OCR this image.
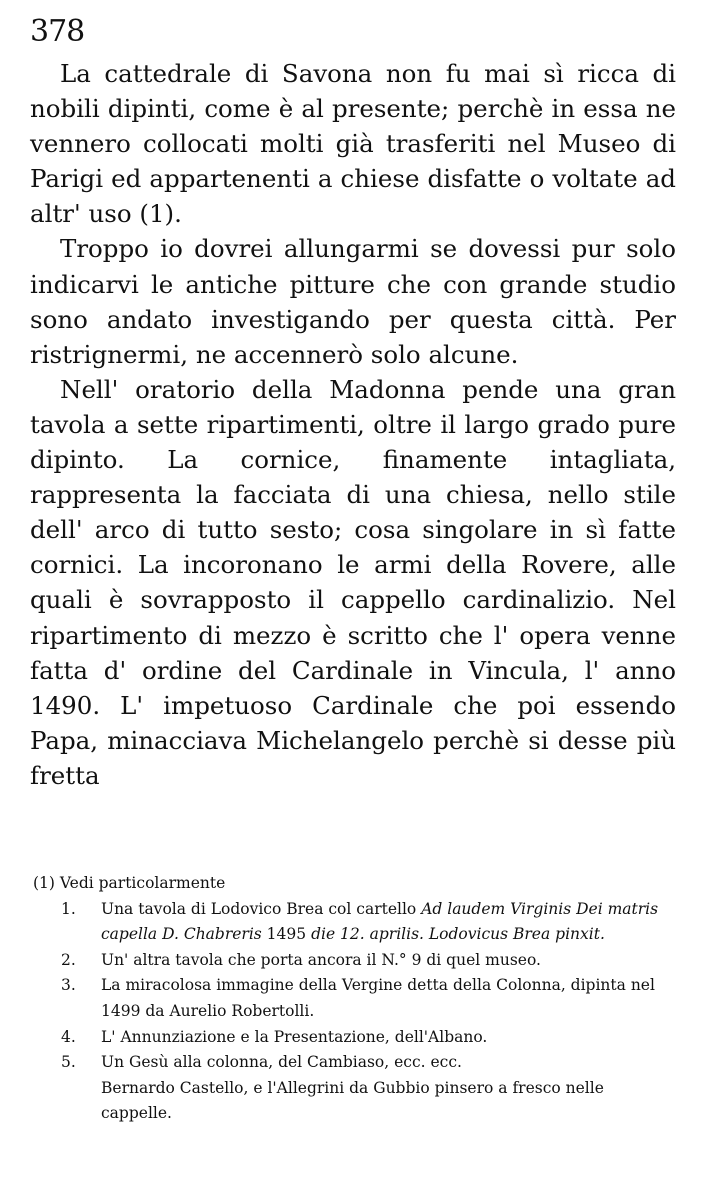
378

La cattedrale di Savona non fu mai sì ricca di nobili dipinti, come è al presente; perchè in essa ne vennero collocati molti già trasferiti nel Museo di Parigi ed appartenenti a chiese disfatte o voltate ad altr' uso (1).

Troppo io dovrei allungarmi se dovessi pur solo indicarvi le antiche pitture che con grande studio sono andato investigando per questa città. Per ristrignermi, ne accennerò solo alcune.

Nell' oratorio della Madonna pende una gran tavola a sette ripartimenti, oltre il largo grado pure dipinto. La cornice, finamente intagliata, rappresenta la facciata di una chiesa, nello stile dell' arco di tutto sesto; cosa singolare in sì fatte cornici. La incoronano le armi della Rovere, alle quali è sovrapposto il cappello cardinalizio. Nel ripartimento di mezzo è scritto che l' opera venne fatta d' ordine del Cardinale in Vincula, l' anno 1490. L' impetuoso Cardinale che poi essendo Papa, minacciava Michelangelo perchè si desse più fretta

(1) Vedi particolarmente

1. Una tavola di Lodovico Brea col cartello Ad laudem Virginis Dei matris capella D. Chabreris 1495 die 12. aprilis. Lodovicus Brea pinxit.
2. Un' altra tavola che porta ancora il N.° 9 di quel museo.
3. La miracolosa immagine della Vergine detta della Colonna, dipinta nel 1499 da Aurelio Robertolli.
4. L' Annunziazione e la Presentazione, dell'Albano.
5. Un Gesù alla colonna, del Cambiaso, ecc. ecc.

Bernardo Castello, e l'Allegrini da Gubbio pinsero a fresco nelle cappelle.
